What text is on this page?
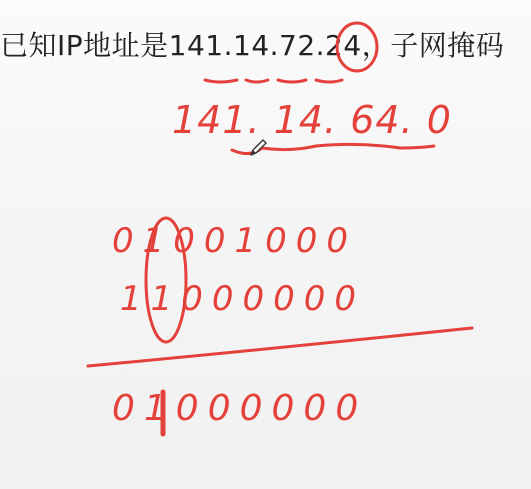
已知IP地址是141.14.72.24，子网掩码
141. 14. 64. 0
01001000
11000000
01000000
